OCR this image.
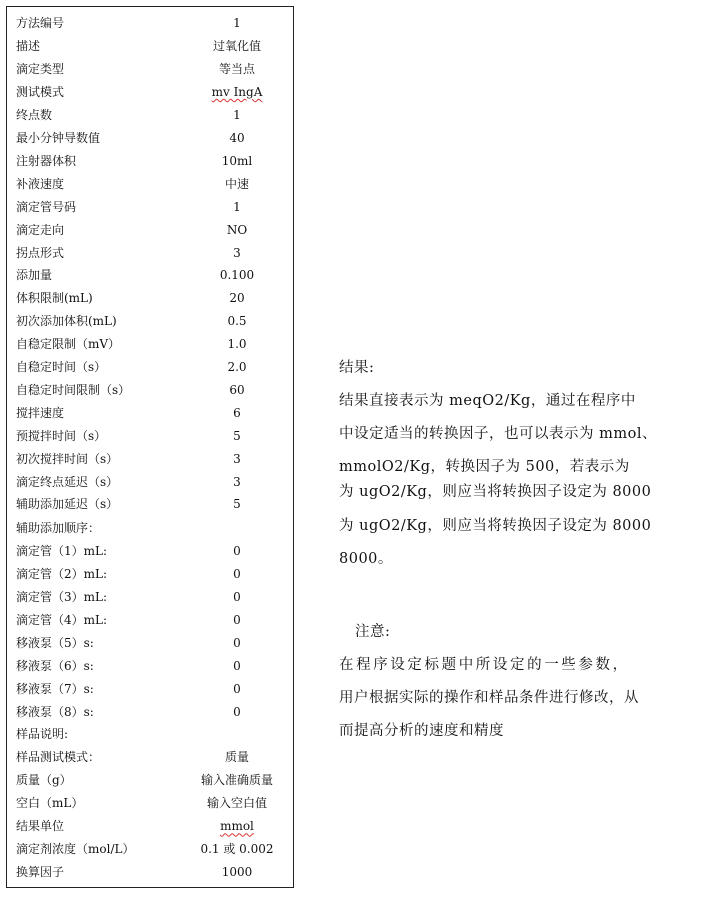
方法编号	1
描述	过氧化值
滴定类型	等当点
测试模式	mv IngA
终点数	1
最小分钟导数值	40
注射器体积	10ml
补液速度	中速
滴定管号码	1
滴定走向	NO
拐点形式	3
添加量	0.100
体积限制(mL)	20
初次添加体积(mL)	0.5
自稳定限制（mV）	1.0
自稳定时间（s）	2.0
自稳定时间限制（s）	60
搅拌速度	6
预搅拌时间（s）	5
初次搅拌时间（s）	3
滴定终点延迟（s）	3
辅助添加延迟（s）	5
辅助添加顺序：
滴定管（1）mL:	0
滴定管（2）mL:	0
滴定管（3）mL:	0
滴定管（4）mL:	0
移液泵（5）s:	0
移液泵（6）s:	0
移液泵（7）s:	0
移液泵（8）s:	0
样品说明:
样品测试模式：	质量
质量（g）	输入准确质量
空白（mL）	输入空白值
结果单位	mmol
滴定剂浓度（mol/L）	0.1 或 0.002
换算因子	1000

结果:

结果直接表示为 meqO2/Kg，通过在程序中

中设定适当的转换因子，也可以表示为 mmol、

mmolO2/Kg，转换因子为 500，若表示为

为 ugO2/Kg，则应当将转换因子设定为 8000

为 ugO2/Kg，则应当将转换因子设定为 8000

8000。

注意:

在程序设定标题中所设定的一些参数，

用户根据实际的操作和样品条件进行修改，从

而提高分析的速度和精度
